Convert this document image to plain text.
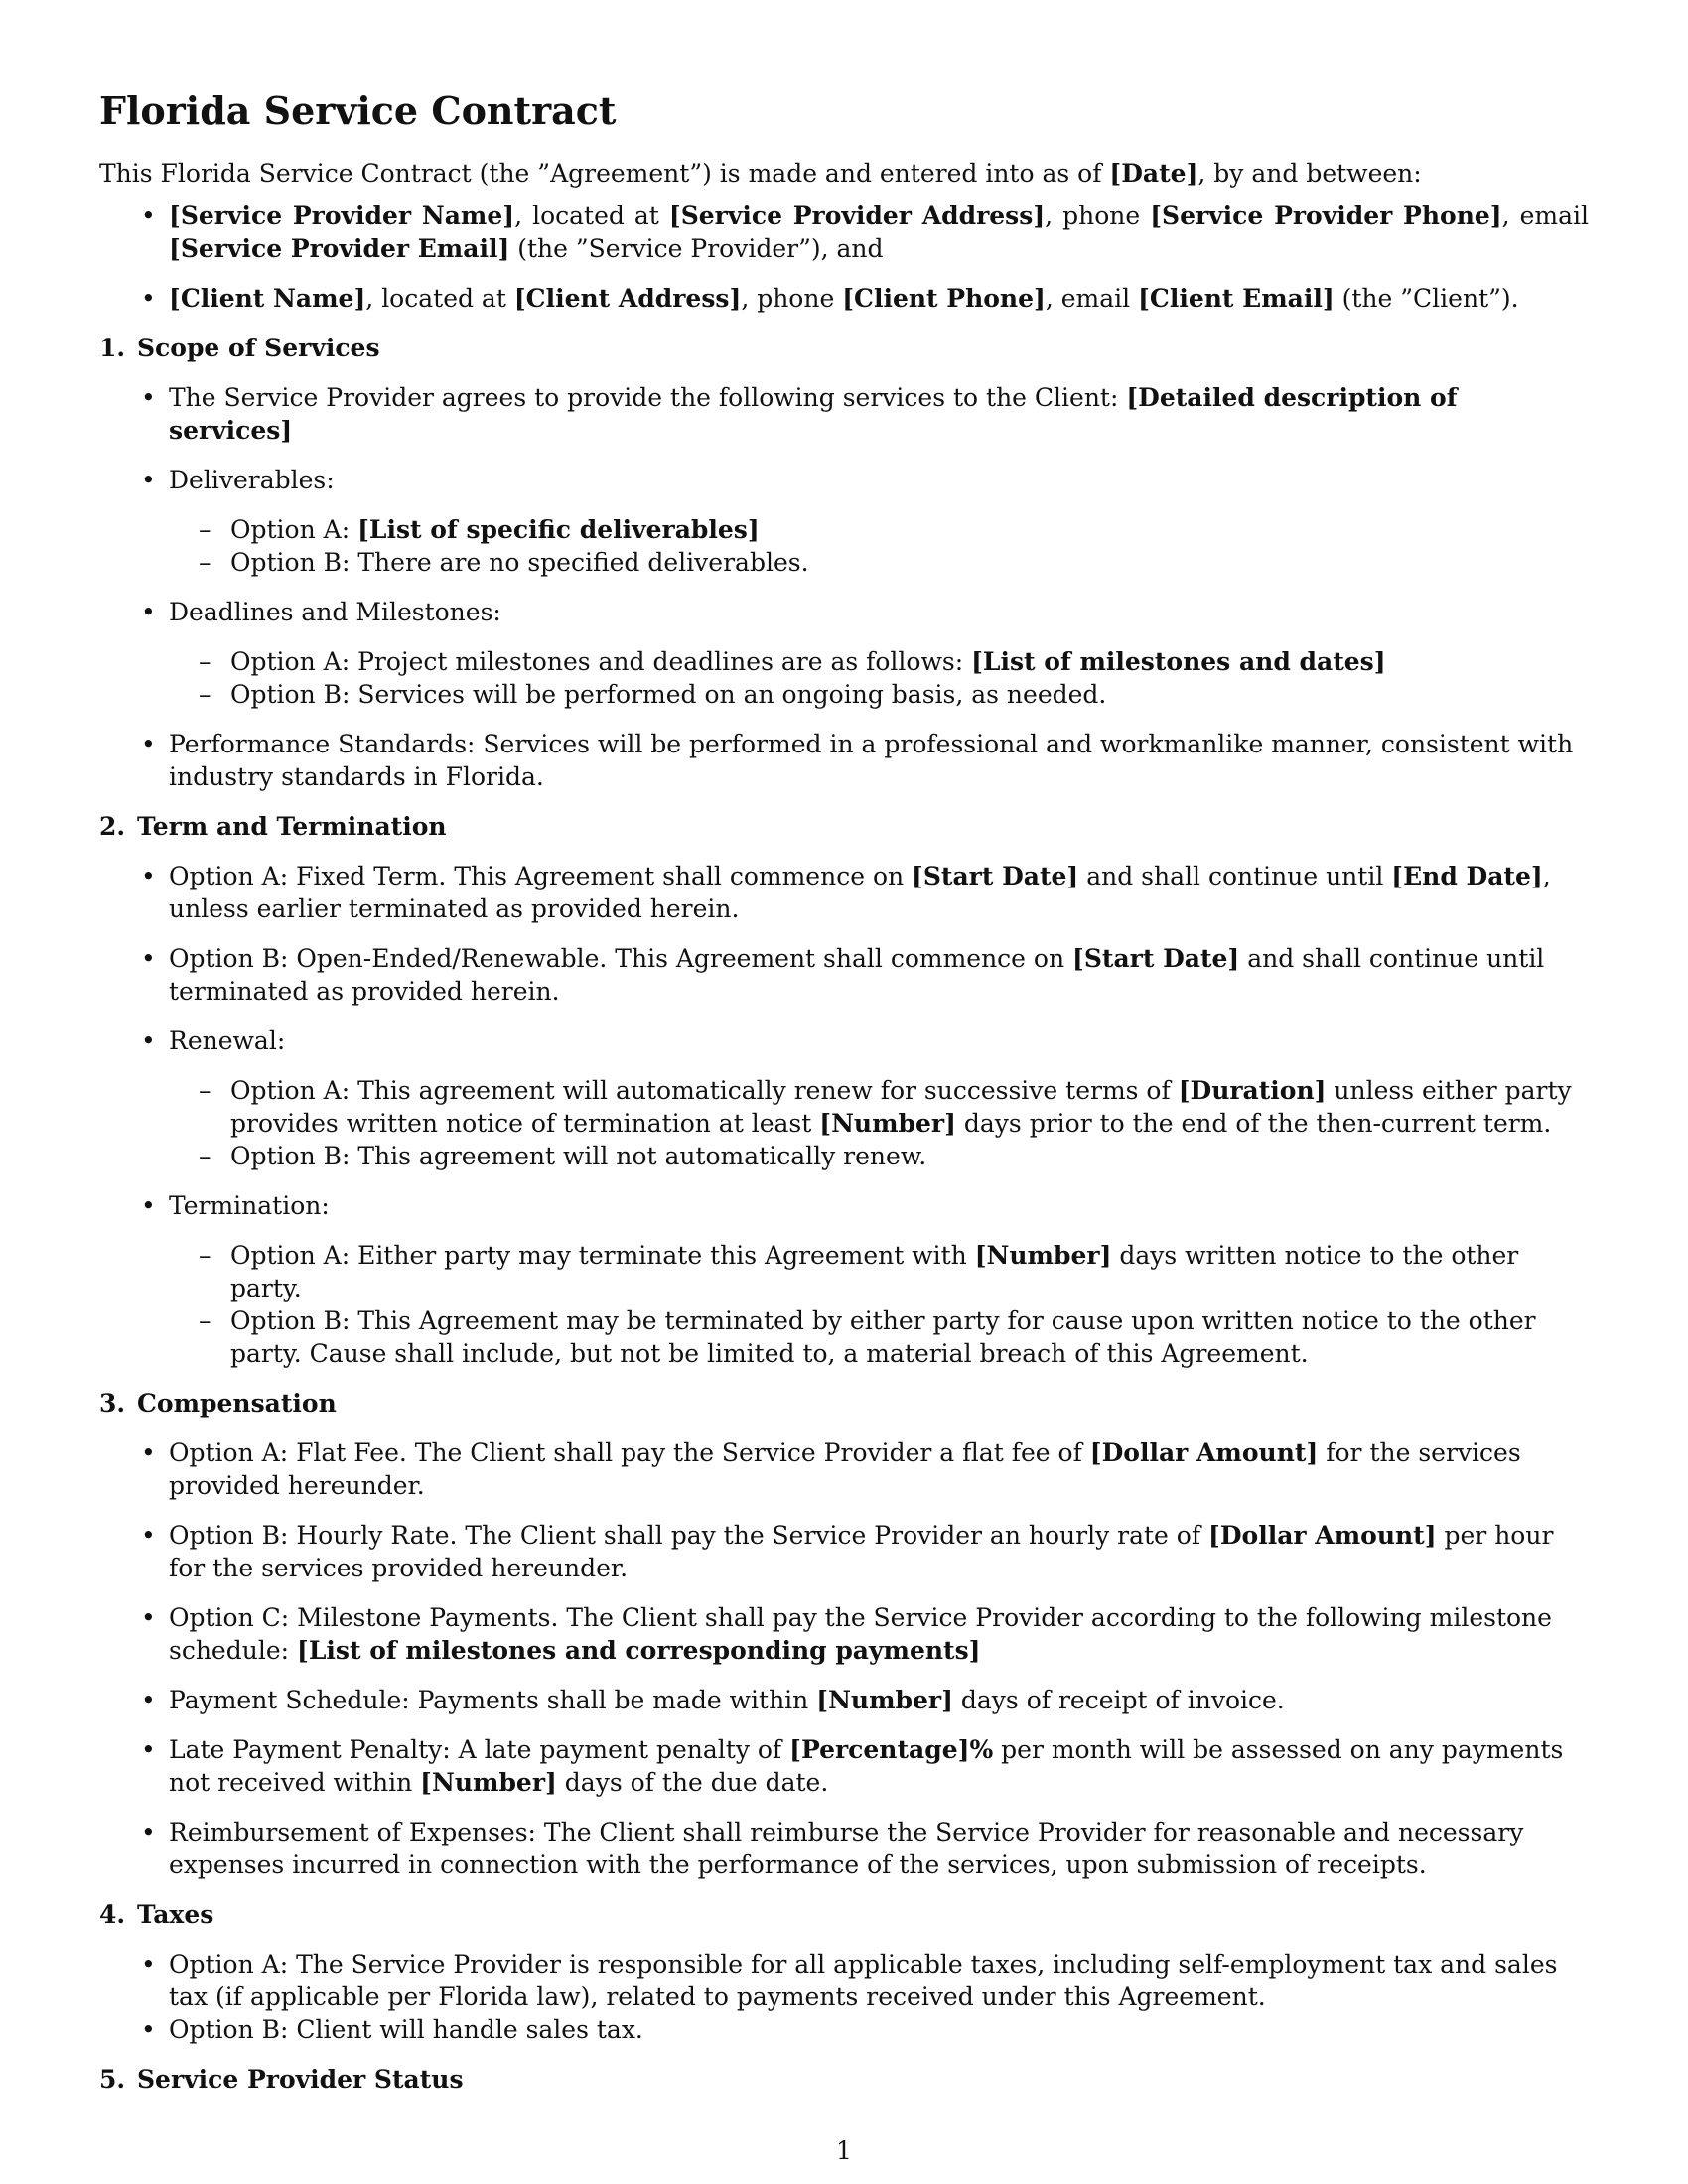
Florida Service Contract

This Florida Service Contract (the ”Agreement”) is made and entered into as of [Date], by and between:

• [Service Provider Name], located at [Service Provider Address], phone [Service Provider Phone], email [Service Provider Email] (the ”Service Provider”), and
• [Client Name], located at [Client Address], phone [Client Phone], email [Client Email] (the ”Client”).
1. Scope of Services
• The Service Provider agrees to provide the following services to the Client: [Detailed description of services]
• Deliverables:
– Option A: [List of specific deliverables]
– Option B: There are no specified deliverables.
• Deadlines and Milestones:
– Option A: Project milestones and deadlines are as follows: [List of milestones and dates]
– Option B: Services will be performed on an ongoing basis, as needed.
• Performance Standards: Services will be performed in a professional and workmanlike manner, consistent with industry standards in Florida.
2. Term and Termination
• Option A: Fixed Term. This Agreement shall commence on [Start Date] and shall continue until [End Date], unless earlier terminated as provided herein.
• Option B: Open-Ended/Renewable. This Agreement shall commence on [Start Date] and shall continue until terminated as provided herein.
• Renewal:
– Option A: This agreement will automatically renew for successive terms of [Duration] unless either party provides written notice of termination at least [Number] days prior to the end of the then-current term.
– Option B: This agreement will not automatically renew.
• Termination:
– Option A: Either party may terminate this Agreement with [Number] days written notice to the other party.
– Option B: This Agreement may be terminated by either party for cause upon written notice to the other party. Cause shall include, but not be limited to, a material breach of this Agreement.
3. Compensation
• Option A: Flat Fee. The Client shall pay the Service Provider a flat fee of [Dollar Amount] for the services provided hereunder.
• Option B: Hourly Rate. The Client shall pay the Service Provider an hourly rate of [Dollar Amount] per hour for the services provided hereunder.
• Option C: Milestone Payments. The Client shall pay the Service Provider according to the following milestone schedule: [List of milestones and corresponding payments]
• Payment Schedule: Payments shall be made within [Number] days of receipt of invoice.
• Late Payment Penalty: A late payment penalty of [Percentage]% per month will be assessed on any payments not received within [Number] days of the due date.
• Reimbursement of Expenses: The Client shall reimburse the Service Provider for reasonable and necessary expenses incurred in connection with the performance of the services, upon submission of receipts.
4. Taxes
• Option A: The Service Provider is responsible for all applicable taxes, including self-employment tax and sales tax (if applicable per Florida law), related to payments received under this Agreement.
• Option B: Client will handle sales tax.
5. Service Provider Status
1
